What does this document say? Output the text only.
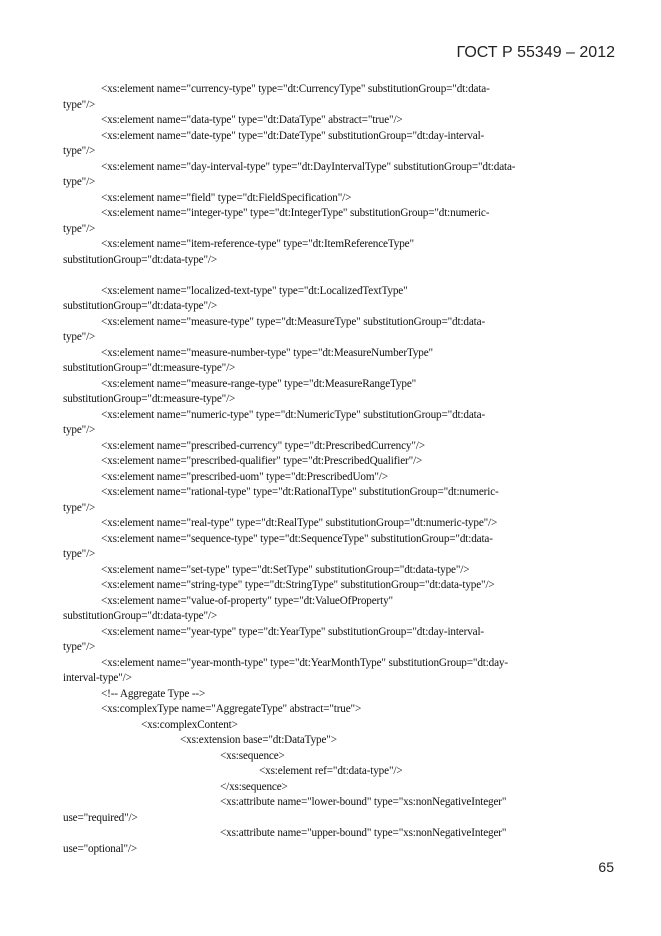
ГОСТ Р 55349 – 2012
<xs:element name="currency-type" type="dt:CurrencyType" substitutionGroup="dt:data-
type"/>
<xs:element name="data-type" type="dt:DataType" abstract="true"/>
<xs:element name="date-type" type="dt:DateType" substitutionGroup="dt:day-interval-
type"/>
<xs:element name="day-interval-type" type="dt:DayIntervalType" substitutionGroup="dt:data-
type"/>
<xs:element name="field" type="dt:FieldSpecification"/>
<xs:element name="integer-type" type="dt:IntegerType" substitutionGroup="dt:numeric-
type"/>
<xs:element name="item-reference-type" type="dt:ItemReferenceType"
substitutionGroup="dt:data-type"/>
<xs:element name="localized-text-type" type="dt:LocalizedTextType"
substitutionGroup="dt:data-type"/>
<xs:element name="measure-type" type="dt:MeasureType" substitutionGroup="dt:data-
type"/>
<xs:element name="measure-number-type" type="dt:MeasureNumberType"
substitutionGroup="dt:measure-type"/>
<xs:element name="measure-range-type" type="dt:MeasureRangeType"
substitutionGroup="dt:measure-type"/>
<xs:element name="numeric-type" type="dt:NumericType" substitutionGroup="dt:data-
type"/>
<xs:element name="prescribed-currency" type="dt:PrescribedCurrency"/>
<xs:element name="prescribed-qualifier" type="dt:PrescribedQualifier"/>
<xs:element name="prescribed-uom" type="dt:PrescribedUom"/>
<xs:element name="rational-type" type="dt:RationalType" substitutionGroup="dt:numeric-
type"/>
<xs:element name="real-type" type="dt:RealType" substitutionGroup="dt:numeric-type"/>
<xs:element name="sequence-type" type="dt:SequenceType" substitutionGroup="dt:data-
type"/>
<xs:element name="set-type" type="dt:SetType" substitutionGroup="dt:data-type"/>
<xs:element name="string-type" type="dt:StringType" substitutionGroup="dt:data-type"/>
<xs:element name="value-of-property" type="dt:ValueOfProperty"
substitutionGroup="dt:data-type"/>
<xs:element name="year-type" type="dt:YearType" substitutionGroup="dt:day-interval-
type"/>
<xs:element name="year-month-type" type="dt:YearMonthType" substitutionGroup="dt:day-
interval-type"/>
<!-- Aggregate Type -->
<xs:complexType name="AggregateType" abstract="true">
<xs:complexContent>
<xs:extension base="dt:DataType">
<xs:sequence>
<xs:element ref="dt:data-type"/>
</xs:sequence>
<xs:attribute name="lower-bound" type="xs:nonNegativeInteger"
use="required"/>
<xs:attribute name="upper-bound" type="xs:nonNegativeInteger"
use="optional"/>
65
